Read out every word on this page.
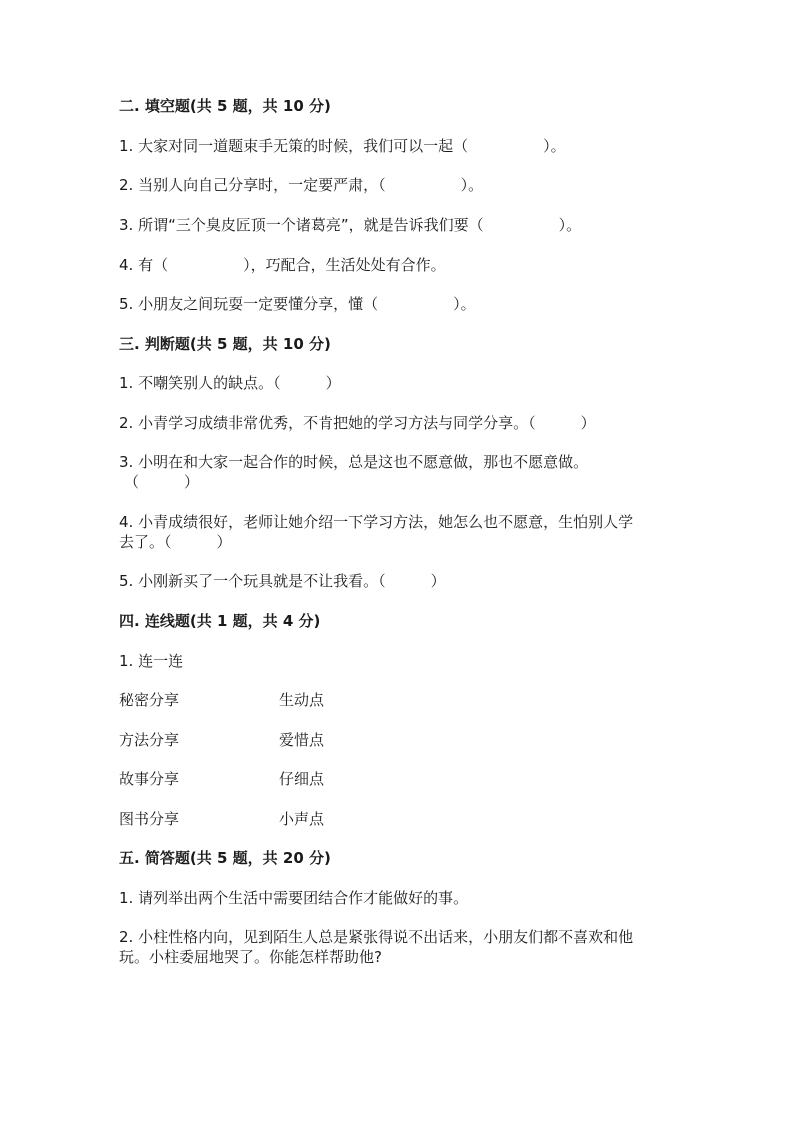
二. 填空题(共 5 题，共 10 分)

1. 大家对同一道题束手无策的时候，我们可以一起（　　　　　）。

2. 当别人向自己分享时，一定要严肃，（　　　　　）。

3. 所谓“三个臭皮匠顶一个诸葛亮”，就是告诉我们要（　　　　　）。

4. 有（　　　　　），巧配合，生活处处有合作。

5. 小朋友之间玩耍一定要懂分享，懂（　　　　　）。

三. 判断题(共 5 题，共 10 分)

1. 不嘲笑别人的缺点。（　　　）

2. 小青学习成绩非常优秀，不肯把她的学习方法与同学分享。（　　　）

3. 小明在和大家一起合作的时候，总是这也不愿意做，那也不愿意做。

（　　　）

4. 小青成绩很好，老师让她介绍一下学习方法，她怎么也不愿意，生怕别人学

去了。（　　　）

5. 小刚新买了一个玩具就是不让我看。（　　　）

四. 连线题(共 1 题，共 4 分)

1. 连一连

秘密分享	生动点

方法分享	爱惜点

故事分享	仔细点

图书分享	小声点

五. 简答题(共 5 题，共 20 分)

1. 请列举出两个生活中需要团结合作才能做好的事。

2. 小柱性格内向，见到陌生人总是紧张得说不出话来，小朋友们都不喜欢和他

玩。小柱委屈地哭了。你能怎样帮助他?
